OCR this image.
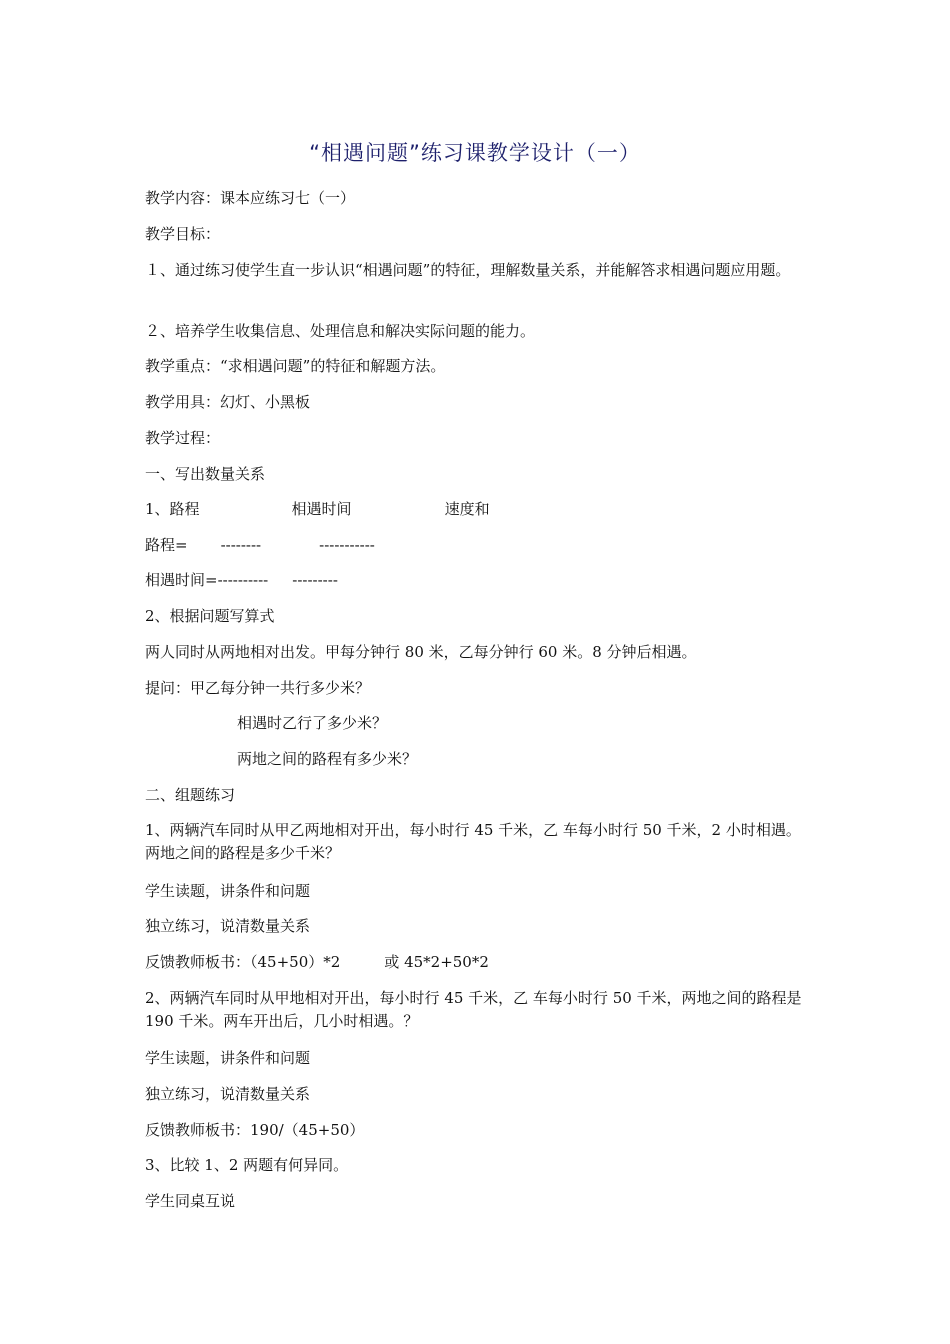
“相遇问题”练习课教学设计（一）
教学内容：课本应练习七（一）
教学目标：
１、通过练习使学生直一步认识“相遇问题”的特征，理解数量关系，并能解答求相遇问题应用题。
２、培养学生收集信息、处理信息和解决实际问题的能力。
教学重点：“求相遇问题”的特征和解题方法。
教学用具：幻灯、小黑板
教学过程：
一、写出数量关系
1、路程	相遇时间	速度和
路程= --------	-----------
相遇时间=---------- ---------
2、根据问题写算式
两人同时从两地相对出发。甲每分钟行 80 米，乙每分钟行 60 米。8 分钟后相遇。
提问：甲乙每分钟一共行多少米？
相遇时乙行了多少米？
两地之间的路程有多少米？
二、组题练习
1、两辆汽车同时从甲乙两地相对开出，每小时行 45 千米，乙 车每小时行 50 千米，2 小时相遇。两地之间的路程是多少千米？
学生读题，讲条件和问题
独立练习，说清数量关系
反馈教师板书：（45+50）*2	或 45*2+50*2
2、两辆汽车同时从甲地相对开出，每小时行 45 千米，乙 车每小时行 50 千米，两地之间的路程是 190 千米。两车开出后，几小时相遇。？
学生读题，讲条件和问题
独立练习，说清数量关系
反馈教师板书：190/（45+50）
3、比较 1、2 两题有何异同。
学生同桌互说
